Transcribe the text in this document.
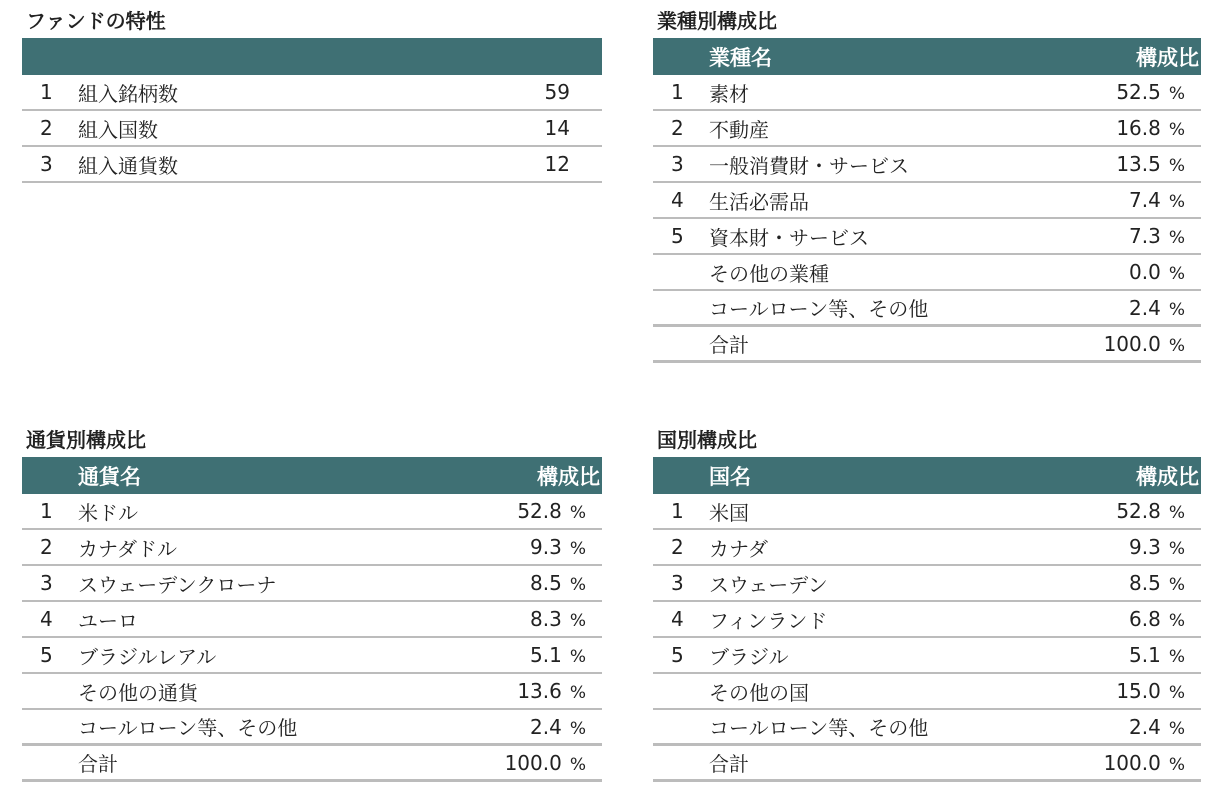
ファンドの特性
1	組入銘柄数	59
2	組入国数	14
3	組入通貨数	12
業種別構成比
業種名	構成比
1	素材	52.5 %
2	不動産	16.8 %
3	一般消費財・サービス	13.5 %
4	生活必需品	7.4 %
5	資本財・サービス	7.3 %
その他の業種	0.0 %
コールローン等、その他	2.4 %
合計	100.0 %
通貨別構成比
通貨名	構成比
1	米ドル	52.8 %
2	カナダドル	9.3 %
3	スウェーデンクローナ	8.5 %
4	ユーロ	8.3 %
5	ブラジルレアル	5.1 %
その他の通貨	13.6 %
コールローン等、その他	2.4 %
合計	100.0 %
国別構成比
国名	構成比
1	米国	52.8 %
2	カナダ	9.3 %
3	スウェーデン	8.5 %
4	フィンランド	6.8 %
5	ブラジル	5.1 %
その他の国	15.0 %
コールローン等、その他	2.4 %
合計	100.0 %
